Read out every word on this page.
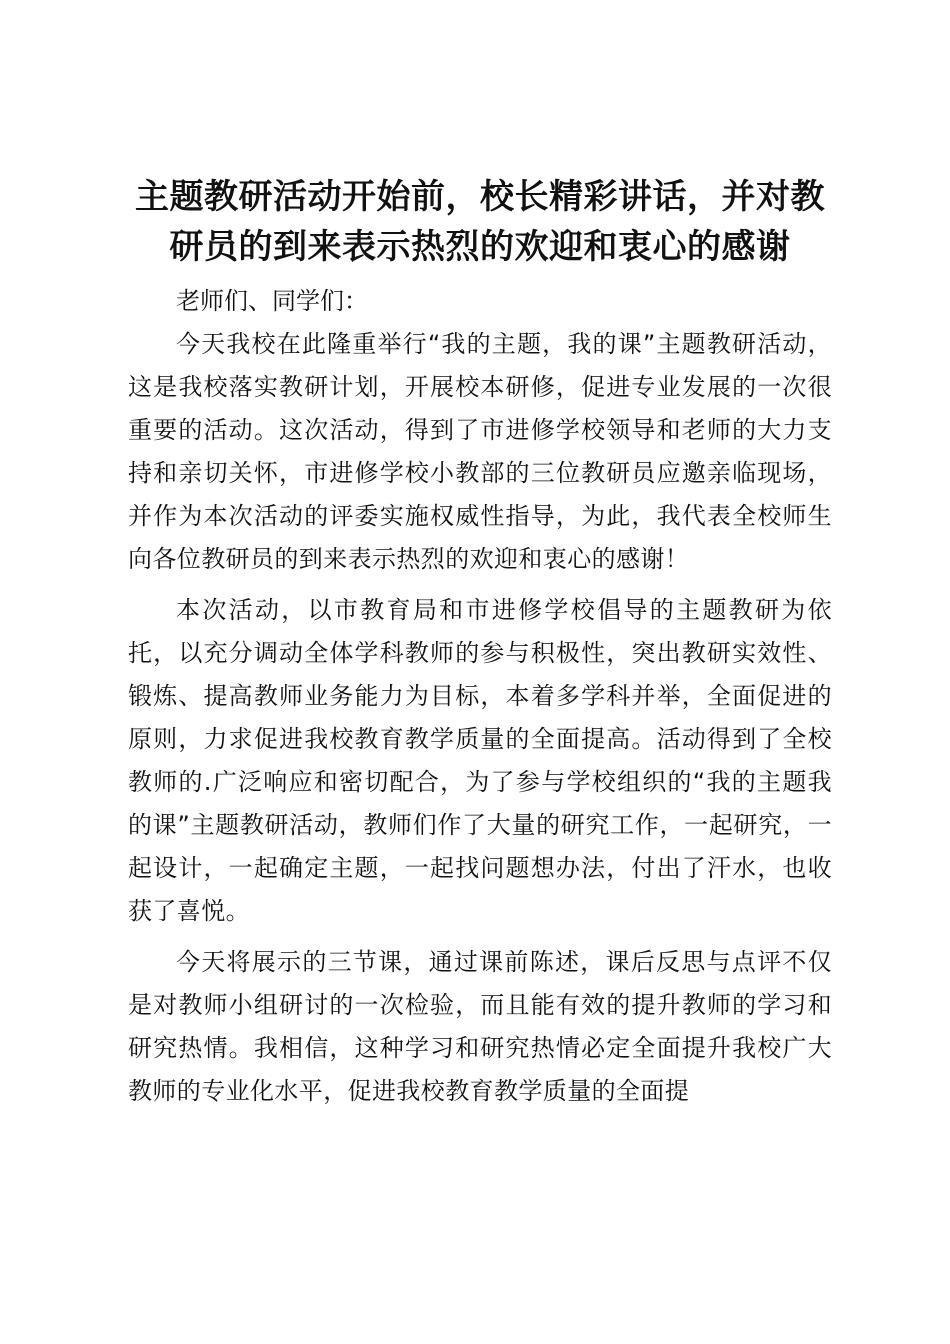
主题教研活动开始前，校长精彩讲话，并对教研员的到来表示热烈的欢迎和衷心的感谢

老师们、同学们：

今天我校在此隆重举行“我的主题，我的课”主题教研活动，这是我校落实教研计划，开展校本研修，促进专业发展的一次很重要的活动。这次活动，得到了市进修学校领导和老师的大力支持和亲切关怀，市进修学校小教部的三位教研员应邀亲临现场，并作为本次活动的评委实施权威性指导，为此，我代表全校师生向各位教研员的到来表示热烈的欢迎和衷心的感谢！

本次活动，以市教育局和市进修学校倡导的主题教研为依托，以充分调动全体学科教师的参与积极性，突出教研实效性、锻炼、提高教师业务能力为目标，本着多学科并举，全面促进的原则，力求促进我校教育教学质量的全面提高。活动得到了全校教师的.广泛响应和密切配合，为了参与学校组织的“我的主题我的课”主题教研活动，教师们作了大量的研究工作，一起研究，一起设计，一起确定主题，一起找问题想办法，付出了汗水，也收获了喜悦。

今天将展示的三节课，通过课前陈述，课后反思与点评不仅是对教师小组研讨的一次检验，而且能有效的提升教师的学习和研究热情。我相信，这种学习和研究热情必定全面提升我校广大教师的专业化水平，促进我校教育教学质量的全面提
